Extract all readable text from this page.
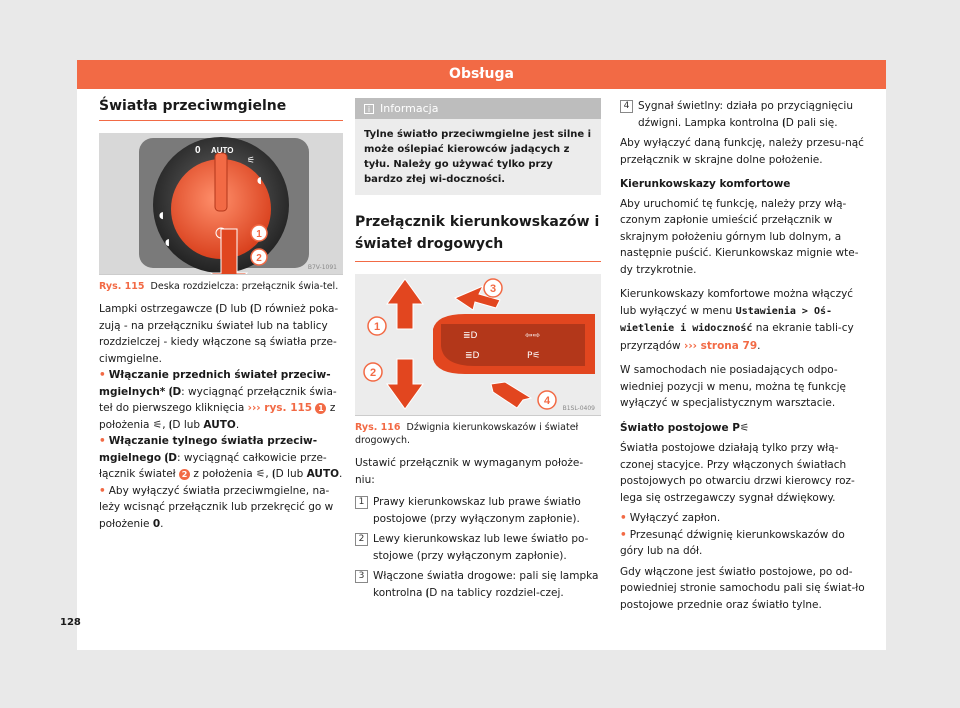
Obsługa
Światła przeciwmgielne
0 AUTO
⚟
◖
◖
◖
1
2
B7V-1091

Rys. 115 Deska rozdzielcza: przełącznik świa-tel.

Lampki ostrzegawcze ⦗D lub ⦗D również poka-zują - na przełączniku świateł lub na tablicy rozdzielczej - kiedy włączone są światła prze-ciwmgielne.

• Włączanie przednich świateł przeciw-mgielnych* ⦗D: wyciągnąć przełącznik świa-teł do pierwszego kliknięcia ››› rys. 115 1 z położenia ⚟, ⦗D lub AUTO.

• Włączanie tylnego światła przeciw-mgielnego ⦗D: wyciągnąć całkowicie prze-łącznik świateł 2 z położenia ⚟, ⦗D lub AUTO.

• Aby wyłączyć światła przeciwmgielne, na-leży wcisnąć przełącznik lub przekręcić go w położenie 0.

i Informacja

Tylne światło przeciwmgielne jest silne i może oślepiać kierowców jadących z tyłu. Należy go używać tylko przy bardzo złej wi-doczności.

Przełącznik kierunkowskazów i świateł drogowych
≣D	⇦⇨
≣D	P⚟
1
2
3
4
B1SL-0409

Rys. 116 Dźwignia kierunkowskazów i świateł drogowych.

Ustawić przełącznik w wymaganym położe-niu:

1 Prawy kierunkowskaz lub prawe światło postojowe (przy wyłączonym zapłonie).
2 Lewy kierunkowskaz lub lewe światło po-stojowe (przy wyłączonym zapłonie).
3 Włączone światła drogowe: pali się lampka kontrolna ⦗D na tablicy rozdziel-czej.
4 Sygnał świetlny: działa po przyciągnięciu dźwigni. Lampka kontrolna ⦗D pali się.

Aby wyłączyć daną funkcję, należy przesu-nąć przełącznik w skrajne dolne położenie.

Kierunkowskazy komfortowe

Aby uruchomić tę funkcję, należy przy włą-czonym zapłonie umieścić przełącznik w skrajnym położeniu górnym lub dolnym, a następnie puścić. Kierunkowskaz mignie wte-dy trzykrotnie.

Kierunkowskazy komfortowe można włączyć lub wyłączyć w menu Ustawienia > Oś-wietlenie i widoczność na ekranie tabli-cy przyrządów ››› strona 79.

W samochodach nie posiadających odpo-wiedniej pozycji w menu, można tę funkcję wyłączyć w specjalistycznym warsztacie.

Światło postojowe P⚟

Światła postojowe działają tylko przy włą-czonej stacyjce. Przy włączonych światłach postojowych po otwarciu drzwi kierowcy roz-lega się ostrzegawczy sygnał dźwiękowy.

• Wyłączyć zapłon.

• Przesunąć dźwignię kierunkowskazów do góry lub na dół.

Gdy włączone jest światło postojowe, po od-powiedniej stronie samochodu pali się świat-ło postojowe przednie oraz światło tylne.

128
